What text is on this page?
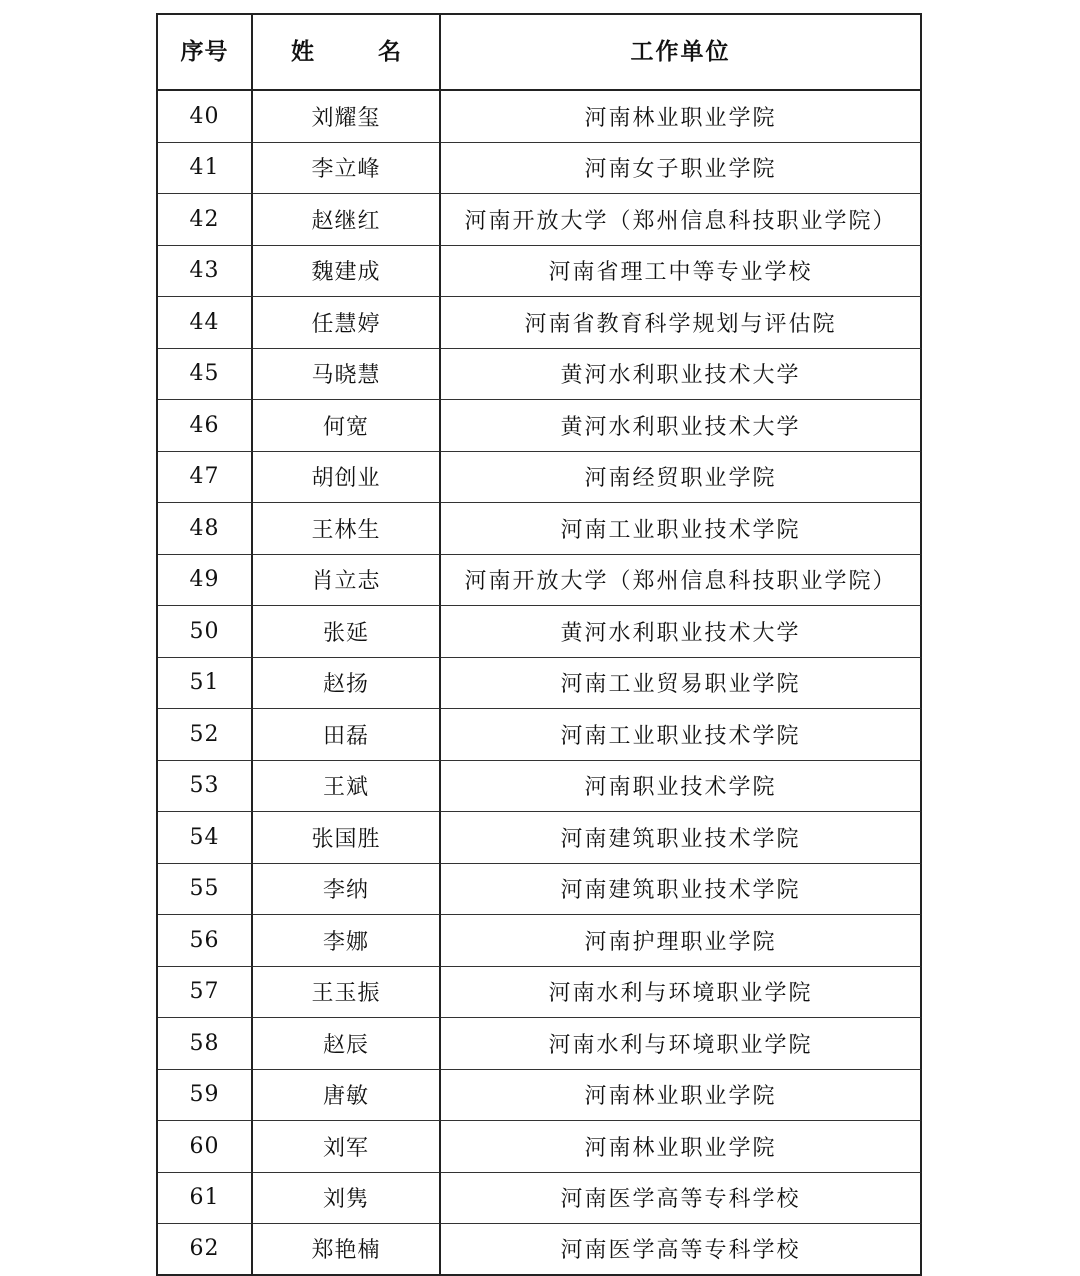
序号	姓 名	工作单位
40	刘耀玺	河南林业职业学院
41	李立峰	河南女子职业学院
42	赵继红	河南开放大学（郑州信息科技职业学院）
43	魏建成	河南省理工中等专业学校
44	任慧婷	河南省教育科学规划与评估院
45	马晓慧	黄河水利职业技术大学
46	何宽	黄河水利职业技术大学
47	胡创业	河南经贸职业学院
48	王林生	河南工业职业技术学院
49	肖立志	河南开放大学（郑州信息科技职业学院）
50	张延	黄河水利职业技术大学
51	赵扬	河南工业贸易职业学院
52	田磊	河南工业职业技术学院
53	王斌	河南职业技术学院
54	张国胜	河南建筑职业技术学院
55	李纳	河南建筑职业技术学院
56	李娜	河南护理职业学院
57	王玉振	河南水利与环境职业学院
58	赵辰	河南水利与环境职业学院
59	唐敏	河南林业职业学院
60	刘军	河南林业职业学院
61	刘隽	河南医学高等专科学校
62	郑艳楠	河南医学高等专科学校
